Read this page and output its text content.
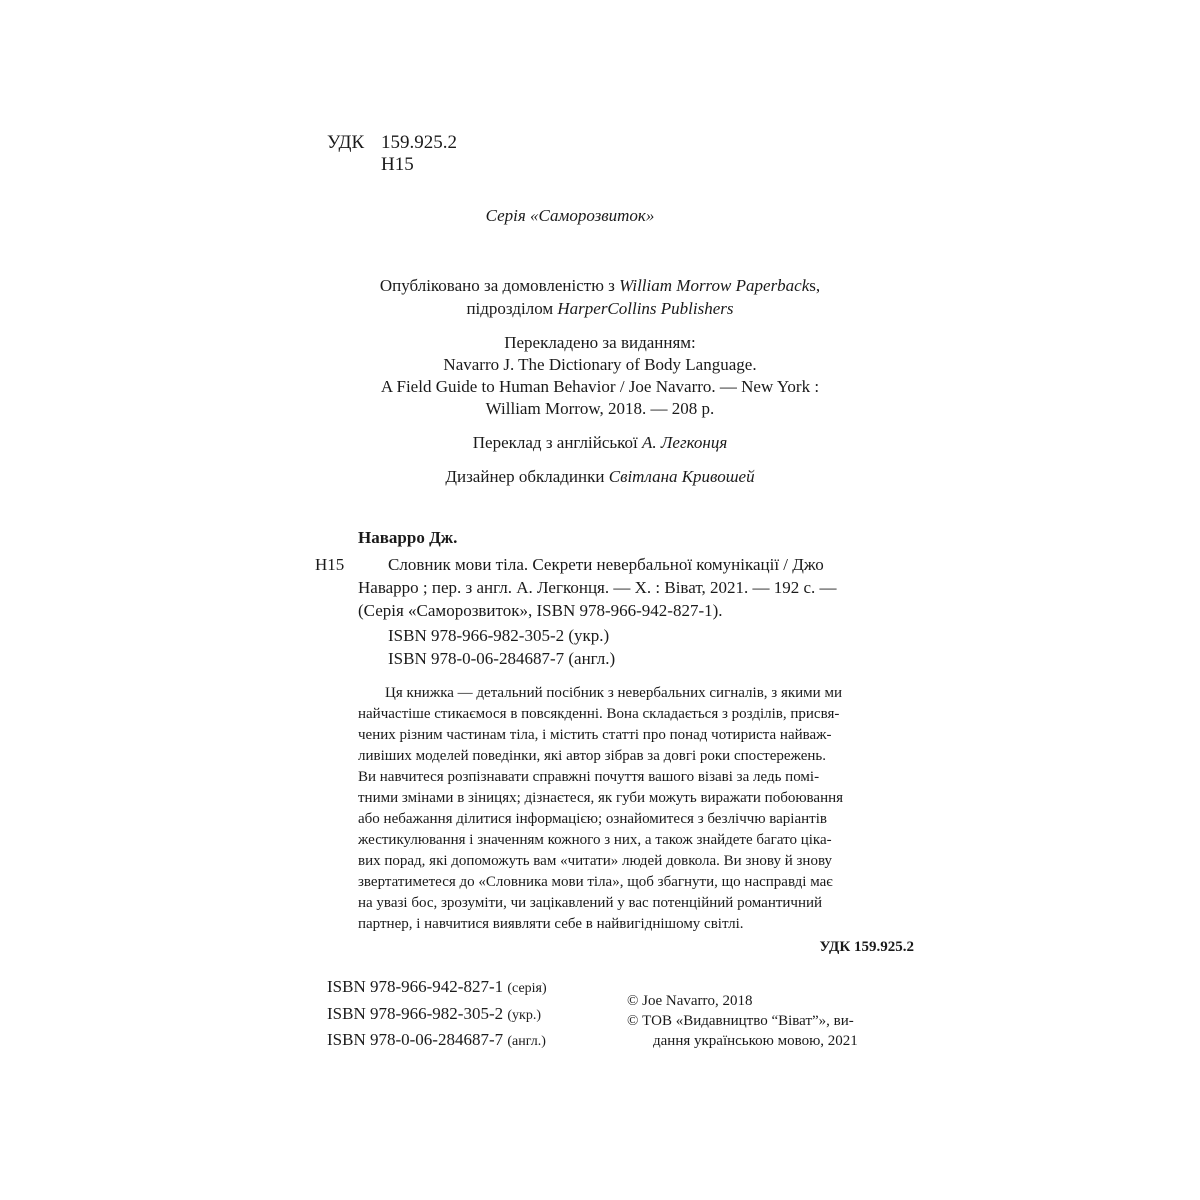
УДК 159.925.2
Н15
Серія «Саморозвиток»
Опубліковано за домовленістю з William Morrow Paperbacks,
підрозділом HarperCollins Publishers
Перекладено за виданням:
Navarro J. The Dictionary of Body Language.
A Field Guide to Human Behavior / Joe Navarro. — New York :
William Morrow, 2018. — 208 p.
Переклад з англійської А. Легконця
Дизайнер обкладинки Світлана Кривошей
Наварро Дж.
Н15	Словник мови тіла. Секрети невербальної комунікації / Джо
Наварро ; пер. з англ. А. Легконця. — Х. : Віват, 2021. — 192 с. —
(Серія «Саморозвиток», ISBN 978-966-942-827-1).
ISBN 978-966-982-305-2 (укр.)
ISBN 978-0-06-284687-7 (англ.)
Ця книжка — детальний посібник з невербальних сигналів, з якими ми
найчастіше стикаємося в повсякденні. Вона складається з розділів, присвя-
чених різним частинам тіла, і містить статті про понад чотириста найваж-
ливіших моделей поведінки, які автор зібрав за довгі роки спостережень.
Ви навчитеся розпізнавати справжні почуття вашого візаві за ледь помі-
тними змінами в зіницях; дізнаєтеся, як губи можуть виражати побоювання
або небажання ділитися інформацією; ознайомитеся з безліччю варіантів
жестикулювання і значенням кожного з них, а також знайдете багато ціка-
вих порад, які допоможуть вам «читати» людей довкола. Ви знову й знову
звертатиметеся до «Словника мови тіла», щоб збагнути, що насправді має
на увазі бос, зрозуміти, чи зацікавлений у вас потенційний романтичний
партнер, і навчитися виявляти себе в найвигіднішому світлі.
УДК 159.925.2
ISBN 978-966-942-827-1 (серія)
ISBN 978-966-982-305-2 (укр.)
ISBN 978-0-06-284687-7 (англ.)
© Joe Navarro, 2018
© ТОВ «Видавництво “Віват”», ви-
дання українською мовою, 2021
